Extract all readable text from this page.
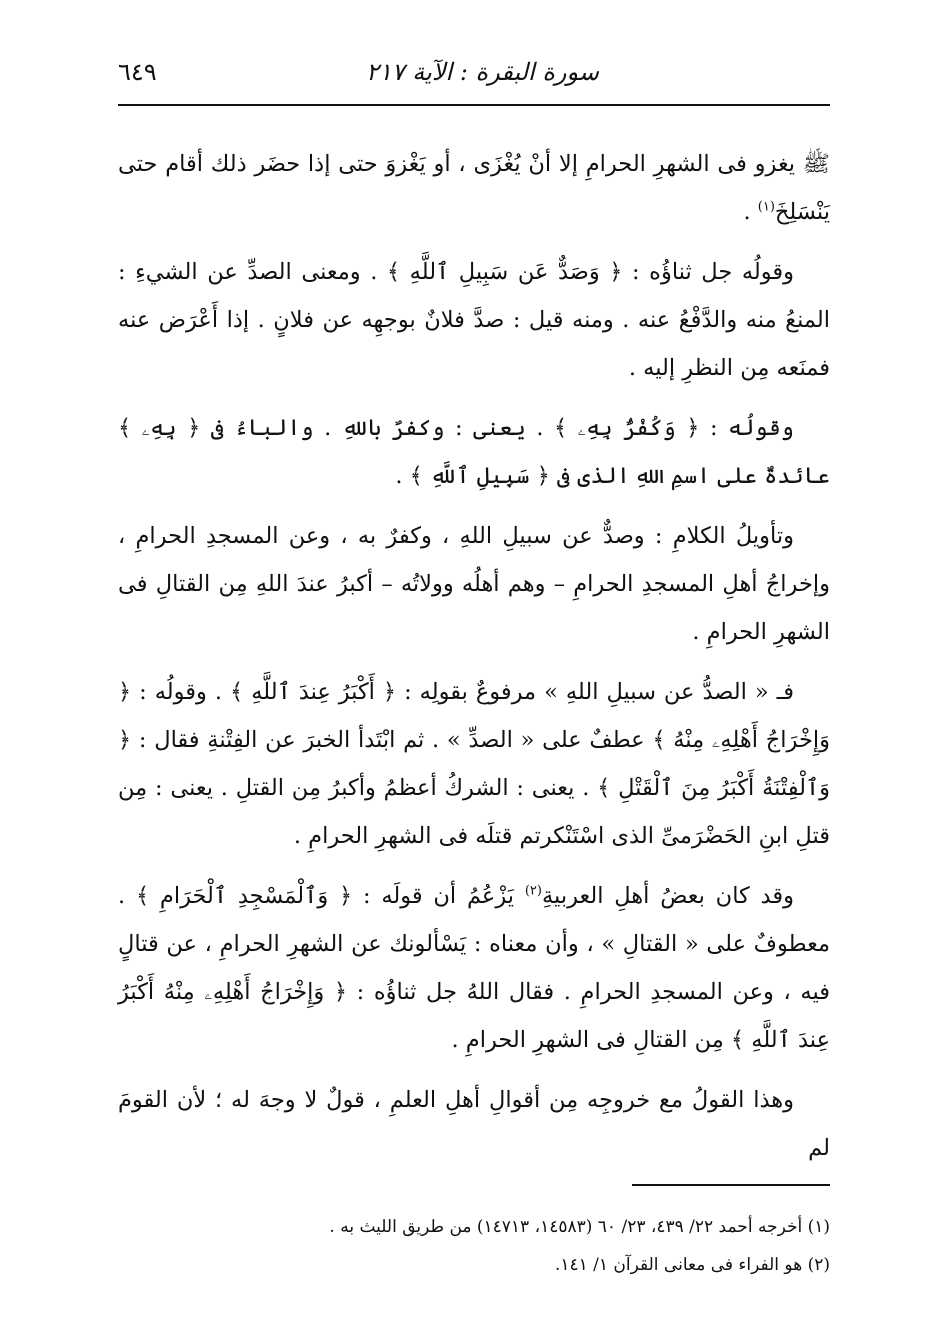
٦٤٩	سورة البقرة : الآية ٢١٧

ﷺ يغزو فى الشهرِ الحرامِ إلا أنْ يُغْزَى ، أو يَغْزوَ حتى إذا حضَر ذلك أقام حتى يَنْسَلِخَ$^{(١)}$ .

وقولُه جل ثناؤُه : ﴿ وَصَدٌّ عَن سَبِيلِ ٱللَّهِ ﴾ . ومعنى الصدِّ عن الشيءِ : المنعُ منه والدَّفْعُ عنه . ومنه قيل : صدَّ فلانٌ بوجهِه عن فلانٍ . إذا أَعْرَض عنه فمنَعه مِن النظرِ إليه .

وقولُه : ﴿ وَكُفْرٌۢ بِهِۦ ﴾ . يعنى : وكفرٌ باللهِ . والباءُ فى ﴿ بِهِۦ ﴾ عائدةٌ على اسمِ اللهِ الذى فى ﴿ سَبِيلِ ٱللَّهِ ﴾ .

وتأويلُ الكلامِ : وصدٌّ عن سبيلِ اللهِ ، وكفرٌ به ، وعن المسجدِ الحرامِ ، وإخراجُ أهلِ المسجدِ الحرامِ – وهم أهلُه وولاتُه – أكبرُ عندَ اللهِ مِن القتالِ فى الشهرِ الحرامِ .

فـ « الصدُّ عن سبيلِ اللهِ » مرفوعٌ بقولِه : ﴿ أَكْبَرُ عِندَ ٱللَّهِ ﴾ . وقولُه : ﴿ وَإِخْرَاجُ أَهْلِهِۦ مِنْهُ ﴾ عطفٌ على « الصدِّ » . ثم ابْتَدأ الخبرَ عن الفِتْنةِ فقال : ﴿ وَٱلْفِتْنَةُ أَكْبَرُ مِنَ ٱلْقَتْلِ ﴾ . يعنى : الشركُ أعظمُ وأكبرُ مِن القتلِ . يعنى : مِن قتلِ ابنِ الحَضْرَمىِّ الذى اسْتَنْكرتم قتلَه فى الشهرِ الحرامِ .

وقد كان بعضُ أهلِ العربيةِ$^{(٢)}$ يَزْعُمُ أن قولَه : ﴿ وَٱلْمَسْجِدِ ٱلْحَرَامِ ﴾ . معطوفٌ على « القتالِ » ، وأن معناه : يَسْألونك عن الشهرِ الحرامِ ، عن قتالٍ فيه ، وعن المسجدِ الحرامِ . فقال اللهُ جل ثناؤُه : ﴿ وَإِخْرَاجُ أَهْلِهِۦ مِنْهُ أَكْبَرُ عِندَ ٱللَّهِ ﴾ مِن القتالِ فى الشهرِ الحرامِ .

وهذا القولُ مع خروجِه مِن أقوالِ أهلِ العلمِ ، قولٌ لا وجهَ له ؛ لأن القومَ لم

(١) أخرجه أحمد ٢٢/ ٤٣٩، ٢٣/ ٦٠ (١٤٥٨٣، ١٤٧١٣) من طريق الليث به .
(٢) هو الفراء فى معانى القرآن ١/ ١٤١.
